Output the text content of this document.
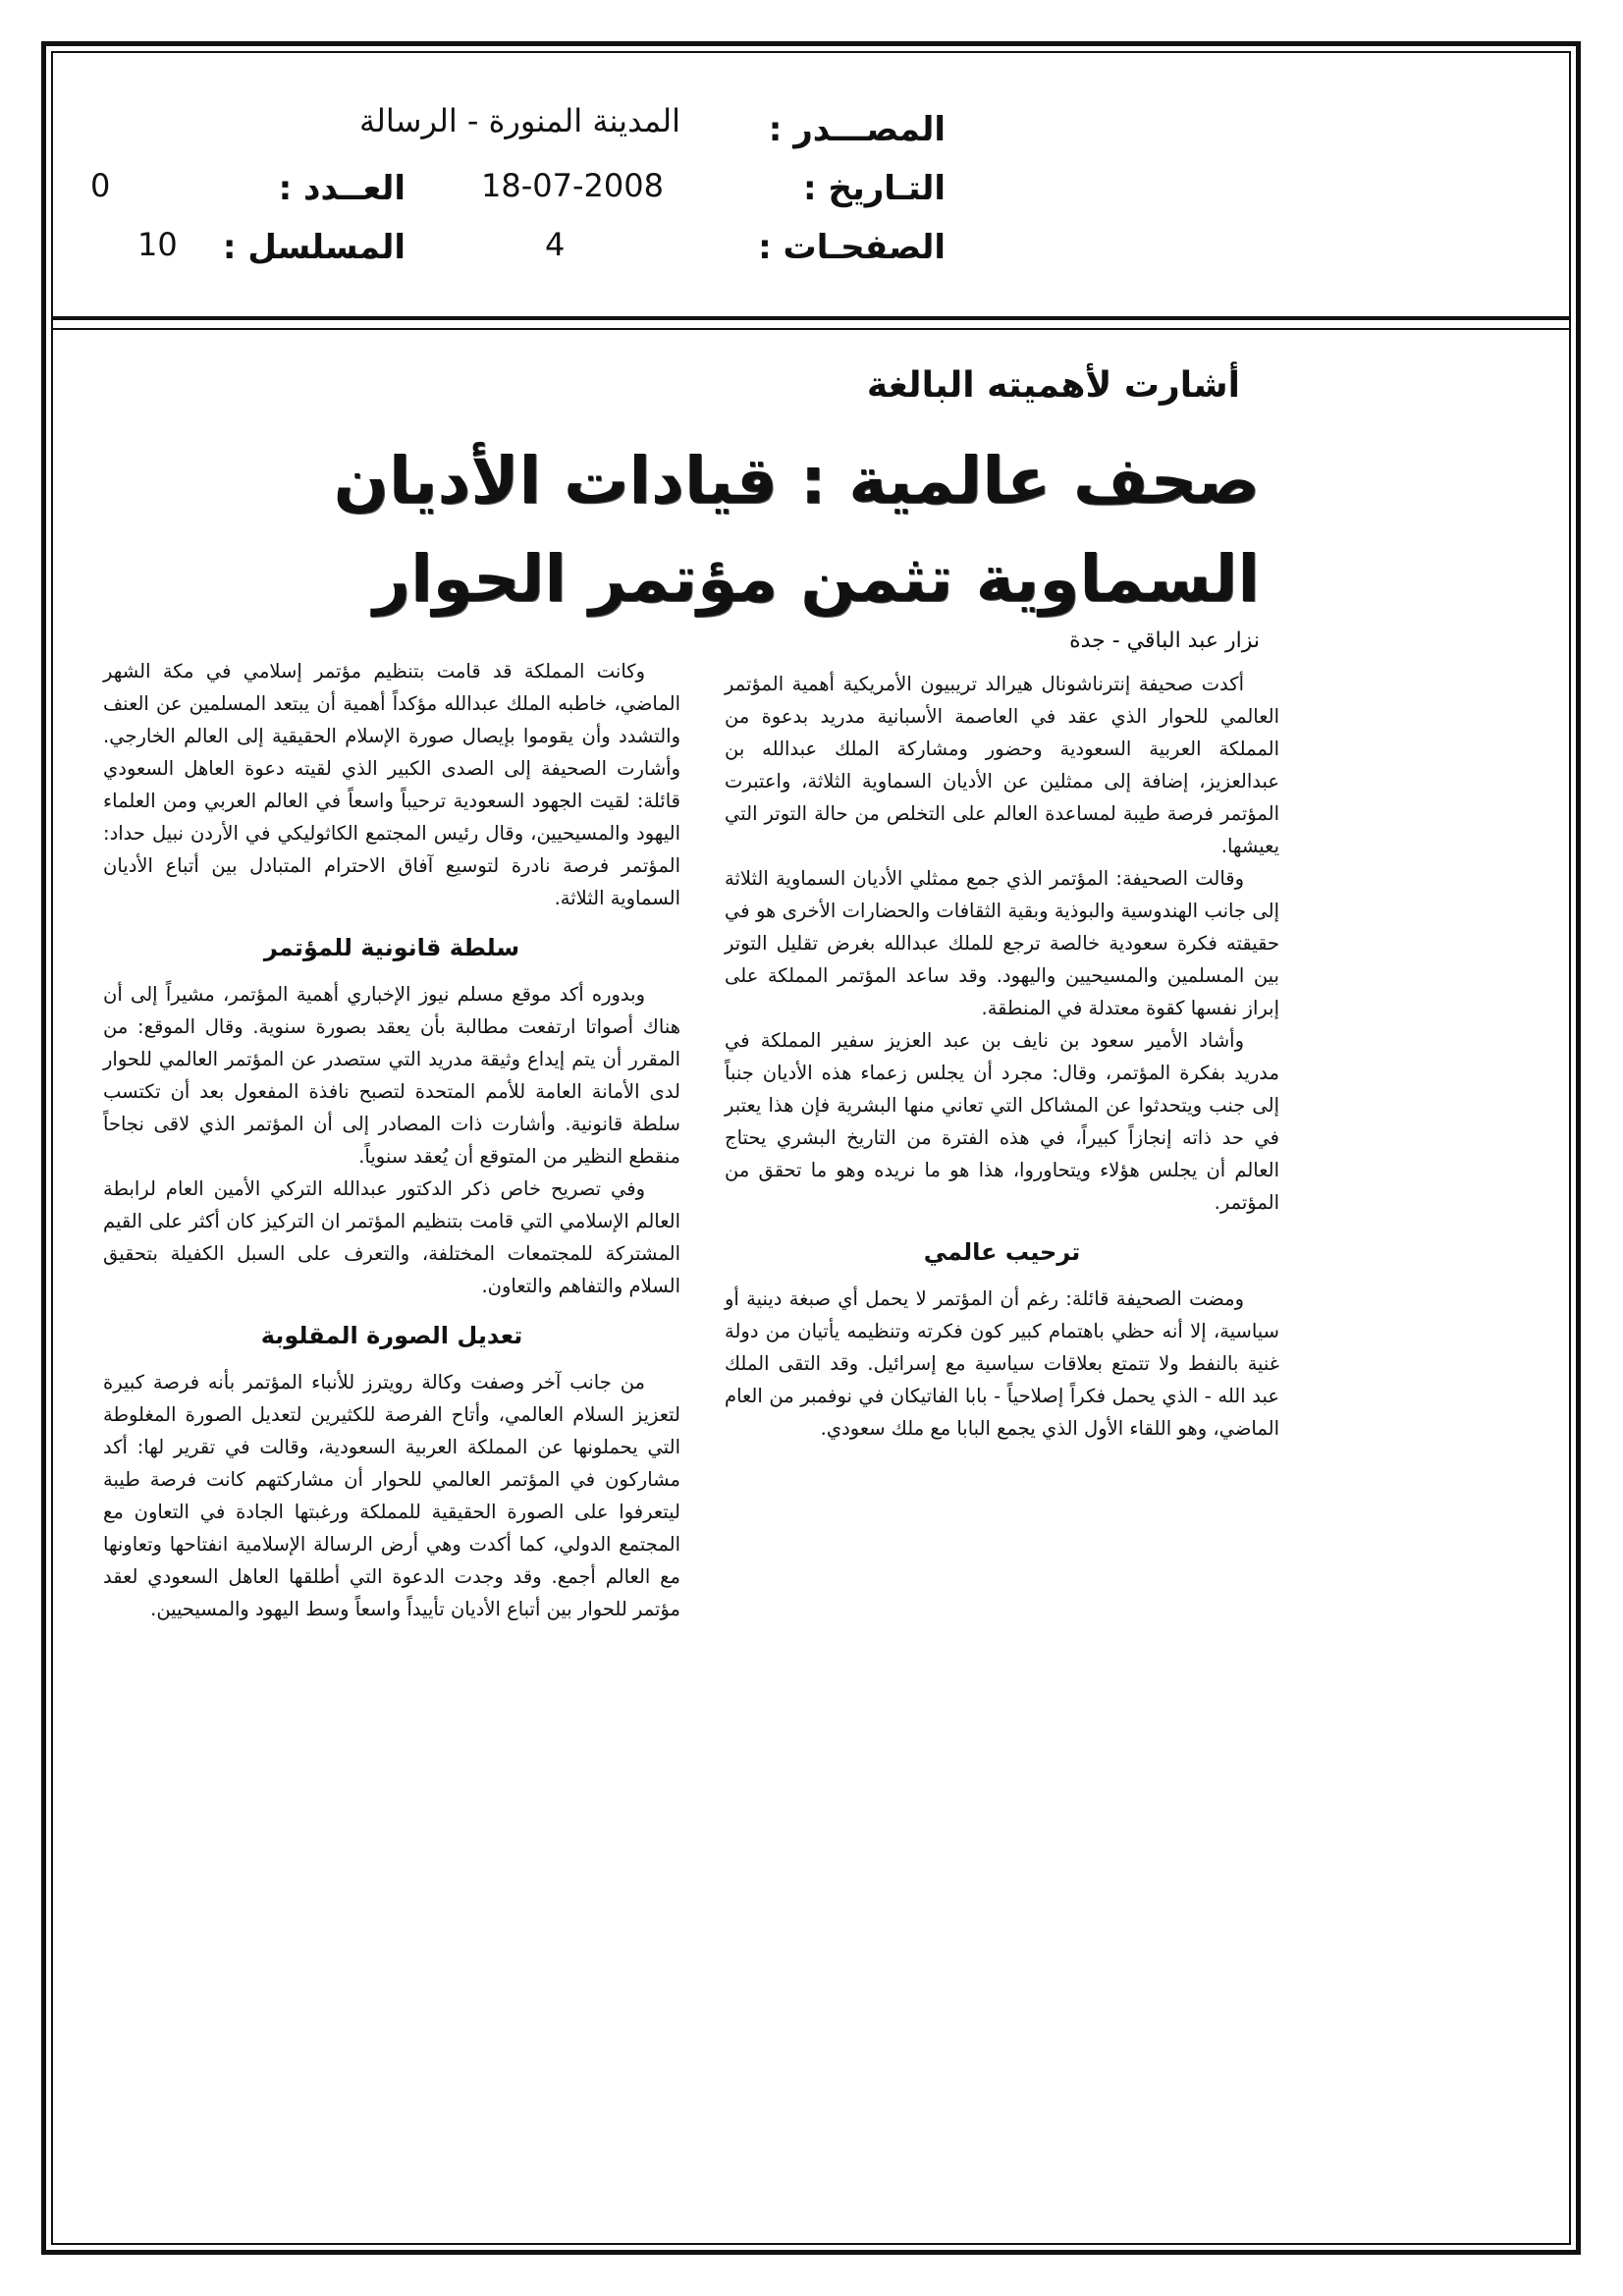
المصـــدر :
المدينة المنورة - الرسالة
التـاريخ :
18-07-2008
العــدد :
0
الصفحـات :
4
المسلسل :
10
أشارت لأهميته البالغة
صحف عالمية : قيادات الأديان
السماوية تثمن مؤتمر الحوار
نزار عبد الباقي - جدة

أكدت صحيفة إنترناشونال هيرالد تريبيون الأمريكية أهمية المؤتمر العالمي للحوار الذي عقد في العاصمة الأسبانية مدريد بدعوة من المملكة العربية السعودية وحضور ومشاركة الملك عبدالله بن عبدالعزيز، إضافة إلى ممثلين عن الأديان السماوية الثلاثة، واعتبرت المؤتمر فرصة طيبة لمساعدة العالم على التخلص من حالة التوتر التي يعيشها.

وقالت الصحيفة: المؤتمر الذي جمع ممثلي الأديان السماوية الثلاثة إلى جانب الهندوسية والبوذية وبقية الثقافات والحضارات الأخرى هو في حقيقته فكرة سعودية خالصة ترجع للملك عبدالله بغرض تقليل التوتر بين المسلمين والمسيحيين واليهود. وقد ساعد المؤتمر المملكة على إبراز نفسها كقوة معتدلة في المنطقة.

وأشاد الأمير سعود بن نايف بن عبد العزيز سفير المملكة في مدريد بفكرة المؤتمر، وقال: مجرد أن يجلس زعماء هذه الأديان جنباً إلى جنب ويتحدثوا عن المشاكل التي تعاني منها البشرية فإن هذا يعتبر في حد ذاته إنجازاً كبيراً، في هذه الفترة من التاريخ البشري يحتاج العالم أن يجلس هؤلاء ويتحاوروا، هذا هو ما نريده وهو ما تحقق من المؤتمر.

ترحيب عالمي

ومضت الصحيفة قائلة: رغم أن المؤتمر لا يحمل أي صبغة دينية أو سياسية، إلا أنه حظي باهتمام كبير كون فكرته وتنظيمه يأتيان من دولة غنية بالنفط ولا تتمتع بعلاقات سياسية مع إسرائيل. وقد التقى الملك عبد الله - الذي يحمل فكراً إصلاحياً - بابا الفاتيكان في نوفمبر من العام الماضي، وهو اللقاء الأول الذي يجمع البابا مع ملك سعودي.

وكانت المملكة قد قامت بتنظيم مؤتمر إسلامي في مكة الشهر الماضي، خاطبه الملك عبدالله مؤكداً أهمية أن يبتعد المسلمين عن العنف والتشدد وأن يقوموا بإيصال صورة الإسلام الحقيقية إلى العالم الخارجي. وأشارت الصحيفة إلى الصدى الكبير الذي لقيته دعوة العاهل السعودي قائلة: لقيت الجهود السعودية ترحيباً واسعاً في العالم العربي ومن العلماء اليهود والمسيحيين، وقال رئيس المجتمع الكاثوليكي في الأردن نبيل حداد: المؤتمر فرصة نادرة لتوسيع آفاق الاحترام المتبادل بين أتباع الأديان السماوية الثلاثة.

سلطة قانونية للمؤتمر

وبدوره أكد موقع مسلم نيوز الإخباري أهمية المؤتمر، مشيراً إلى أن هناك أصواتا ارتفعت مطالبة بأن يعقد بصورة سنوية. وقال الموقع: من المقرر أن يتم إيداع وثيقة مدريد التي ستصدر عن المؤتمر العالمي للحوار لدى الأمانة العامة للأمم المتحدة لتصبح نافذة المفعول بعد أن تكتسب سلطة قانونية. وأشارت ذات المصادر إلى أن المؤتمر الذي لاقى نجاحاً منقطع النظير من المتوقع أن يُعقد سنوياً.

وفي تصريح خاص ذكر الدكتور عبدالله التركي الأمين العام لرابطة العالم الإسلامي التي قامت بتنظيم المؤتمر ان التركيز كان أكثر على القيم المشتركة للمجتمعات المختلفة، والتعرف على السبل الكفيلة بتحقيق السلام والتفاهم والتعاون.

تعديل الصورة المقلوبة

من جانب آخر وصفت وكالة رويترز للأنباء المؤتمر بأنه فرصة كبيرة لتعزيز السلام العالمي، وأتاح الفرصة للكثيرين لتعديل الصورة المغلوطة التي يحملونها عن المملكة العربية السعودية، وقالت في تقرير لها: أكد مشاركون في المؤتمر العالمي للحوار أن مشاركتهم كانت فرصة طيبة ليتعرفوا على الصورة الحقيقية للمملكة ورغبتها الجادة في التعاون مع المجتمع الدولي، كما أكدت وهي أرض الرسالة الإسلامية انفتاحها وتعاونها مع العالم أجمع. وقد وجدت الدعوة التي أطلقها العاهل السعودي لعقد مؤتمر للحوار بين أتباع الأديان تأييداً واسعاً وسط اليهود والمسيحيين.
